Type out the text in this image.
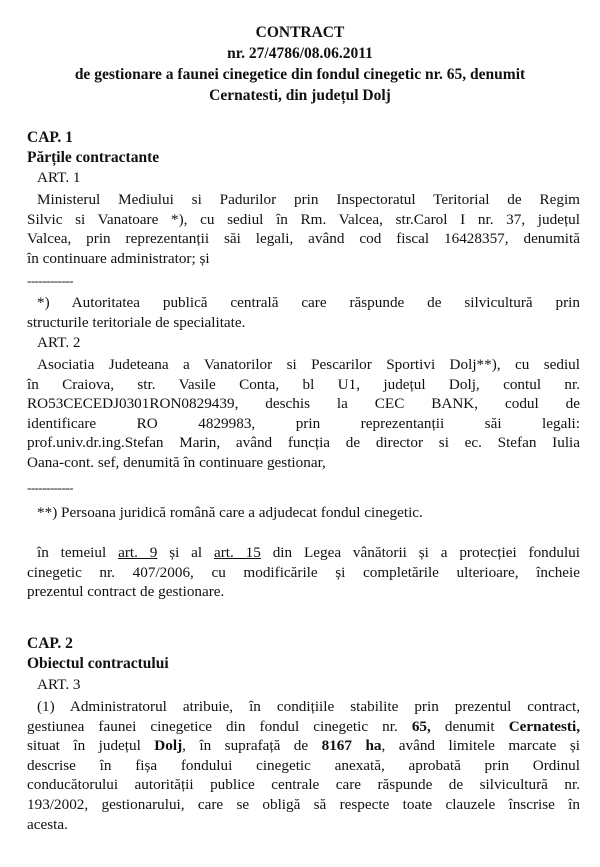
CONTRACT
nr. 27/4786/08.06.2011
de gestionare a faunei cinegetice din fondul cinegetic nr. 65, denumit
Cernatesti, din județul Dolj
CAP. 1
Părțile contractante
ART. 1
Ministerul Mediului si Padurilor prin Inspectoratul Teritorial de Regim
Silvic si Vanatoare *), cu sediul în Rm. Valcea, str.Carol I nr. 37, județul
Valcea, prin reprezentanții săi legali, având cod fiscal 16428357, denumită
în continuare administrator; și
------------
*) Autoritatea publică centrală care răspunde de silvicultură prin
structurile teritoriale de specialitate.
ART. 2
Asociatia Judeteana a Vanatorilor si Pescarilor Sportivi Dolj**), cu sediul
în Craiova, str. Vasile Conta, bl U1, județul Dolj, contul nr.
RO53CECEDJ0301RON0829439, deschis la CEC BANK, codul de
identificare RO 4829983, prin reprezentanții săi legali:
prof.univ.dr.ing.Stefan Marin, având funcția de director si ec. Stefan Iulia
Oana-cont. sef, denumită în continuare gestionar,
------------
**) Persoana juridică română care a adjudecat fondul cinegetic.
în temeiul art. 9 și al art. 15 din Legea vânătorii și a protecției fondului
cinegetic nr. 407/2006, cu modificările și completările ulterioare, încheie
prezentul contract de gestionare.
CAP. 2
Obiectul contractului
ART. 3
(1) Administratorul atribuie, în condițiile stabilite prin prezentul contract,
gestiunea faunei cinegetice din fondul cinegetic nr. 65, denumit Cernatesti,
situat în județul Dolj, în suprafață de 8167 ha, având limitele marcate și
descrise în fișa fondului cinegetic anexată, aprobată prin Ordinul
conducătorului autorității publice centrale care răspunde de silvicultură nr.
193/2002, gestionarului, care se obligă să respecte toate clauzele înscrise în
acesta.
